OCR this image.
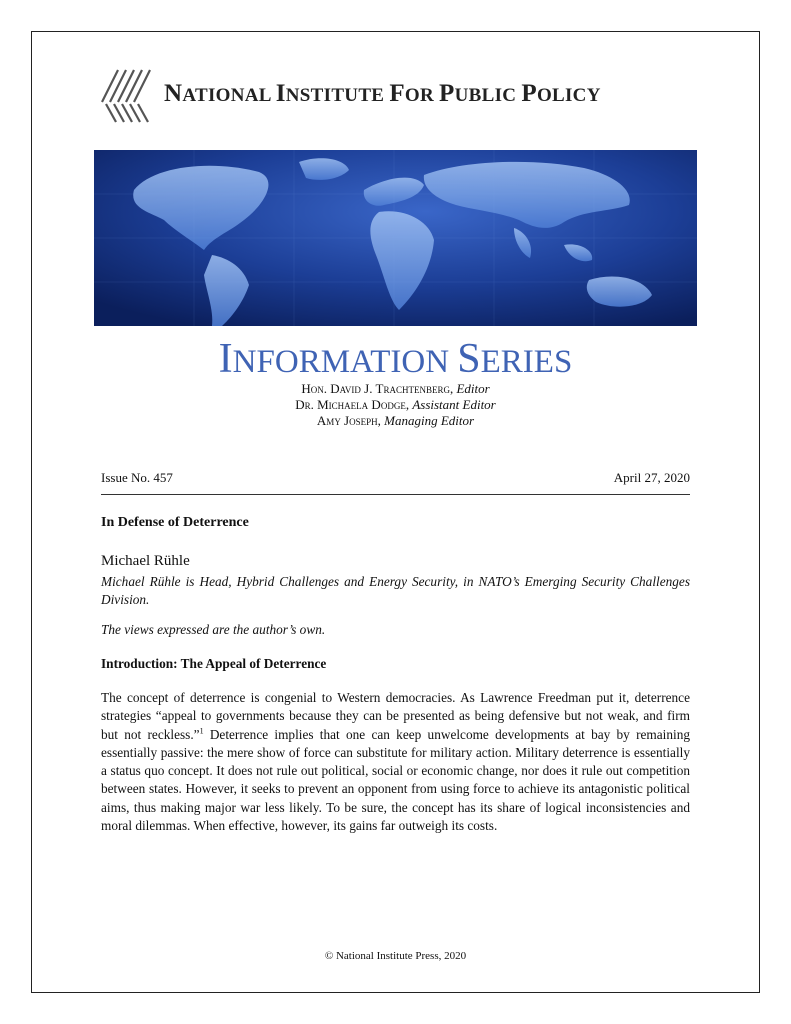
NATIONAL INSTITUTE FOR PUBLIC POLICY
INFORMATION SERIES
Hon. David J. Trachtenberg, Editor
Dr. Michaela Dodge, Assistant Editor
Amy Joseph, Managing Editor
Issue No. 457	April 27, 2020
In Defense of Deterrence
Michael Rühle
Michael Rühle is Head, Hybrid Challenges and Energy Security, in NATO’s Emerging Security Challenges Division.
The views expressed are the author’s own.
Introduction: The Appeal of Deterrence
The concept of deterrence is congenial to Western democracies. As Lawrence Freedman put it, deterrence strategies “appeal to governments because they can be presented as being defensive but not weak, and firm but not reckless.”$^1$ Deterrence implies that one can keep unwelcome developments at bay by remaining essentially passive: the mere show of force can substitute for military action. Military deterrence is essentially a status quo concept. It does not rule out political, social or economic change, nor does it rule out competition between states. However, it seeks to prevent an opponent from using force to achieve its antagonistic political aims, thus making major war less likely. To be sure, the concept has its share of logical inconsistencies and moral dilemmas. When effective, however, its gains far outweigh its costs.
© National Institute Press, 2020
